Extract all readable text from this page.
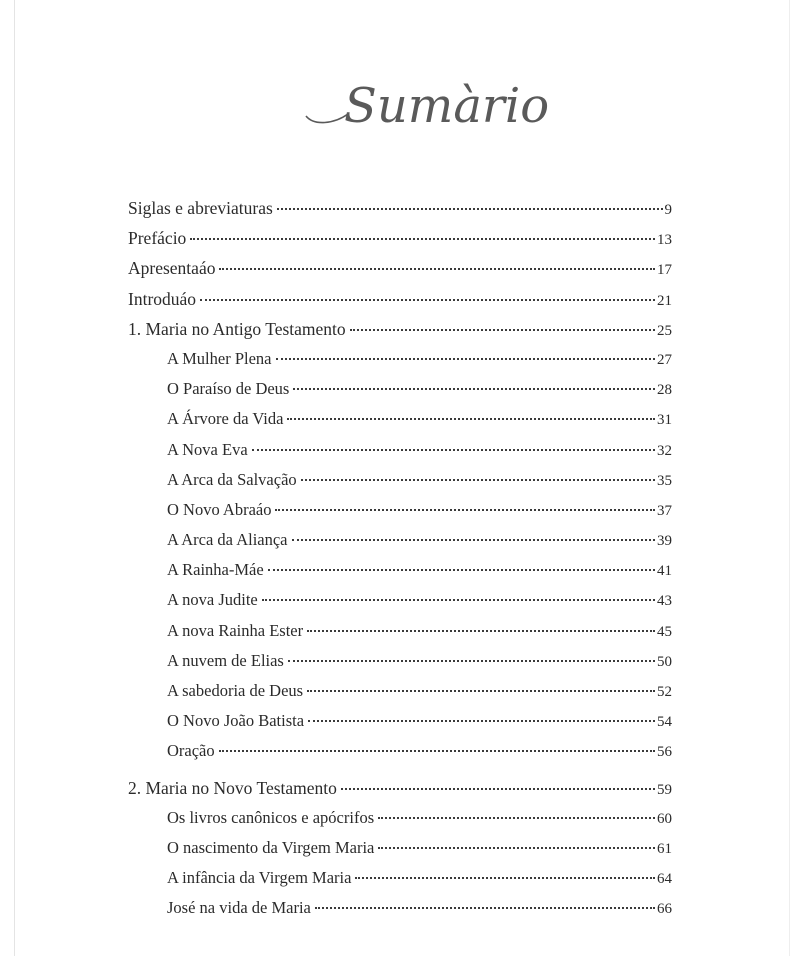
Sumàrio
Siglas e abreviaturas	9
Prefácio	13
Apresentaáo	17
Introduáo	21
1. Maria no Antigo Testamento	25
A Mulher Plena	27
O Paraíso de Deus	28
A Árvore da Vida	31
A Nova Eva	32
A Arca da Salvação	35
O Novo Abraáo	37
A Arca da Aliança	39
A Rainha-Máe	41
A nova Judite	43
A nova Rainha Ester	45
A nuvem de Elias	50
A sabedoria de Deus	52
O Novo João Batista	54
Oração	56
2. Maria no Novo Testamento	59
Os livros canônicos e apócrifos	60
O nascimento da Virgem Maria	61
A infância da Virgem Maria	64
José na vida de Maria	66
